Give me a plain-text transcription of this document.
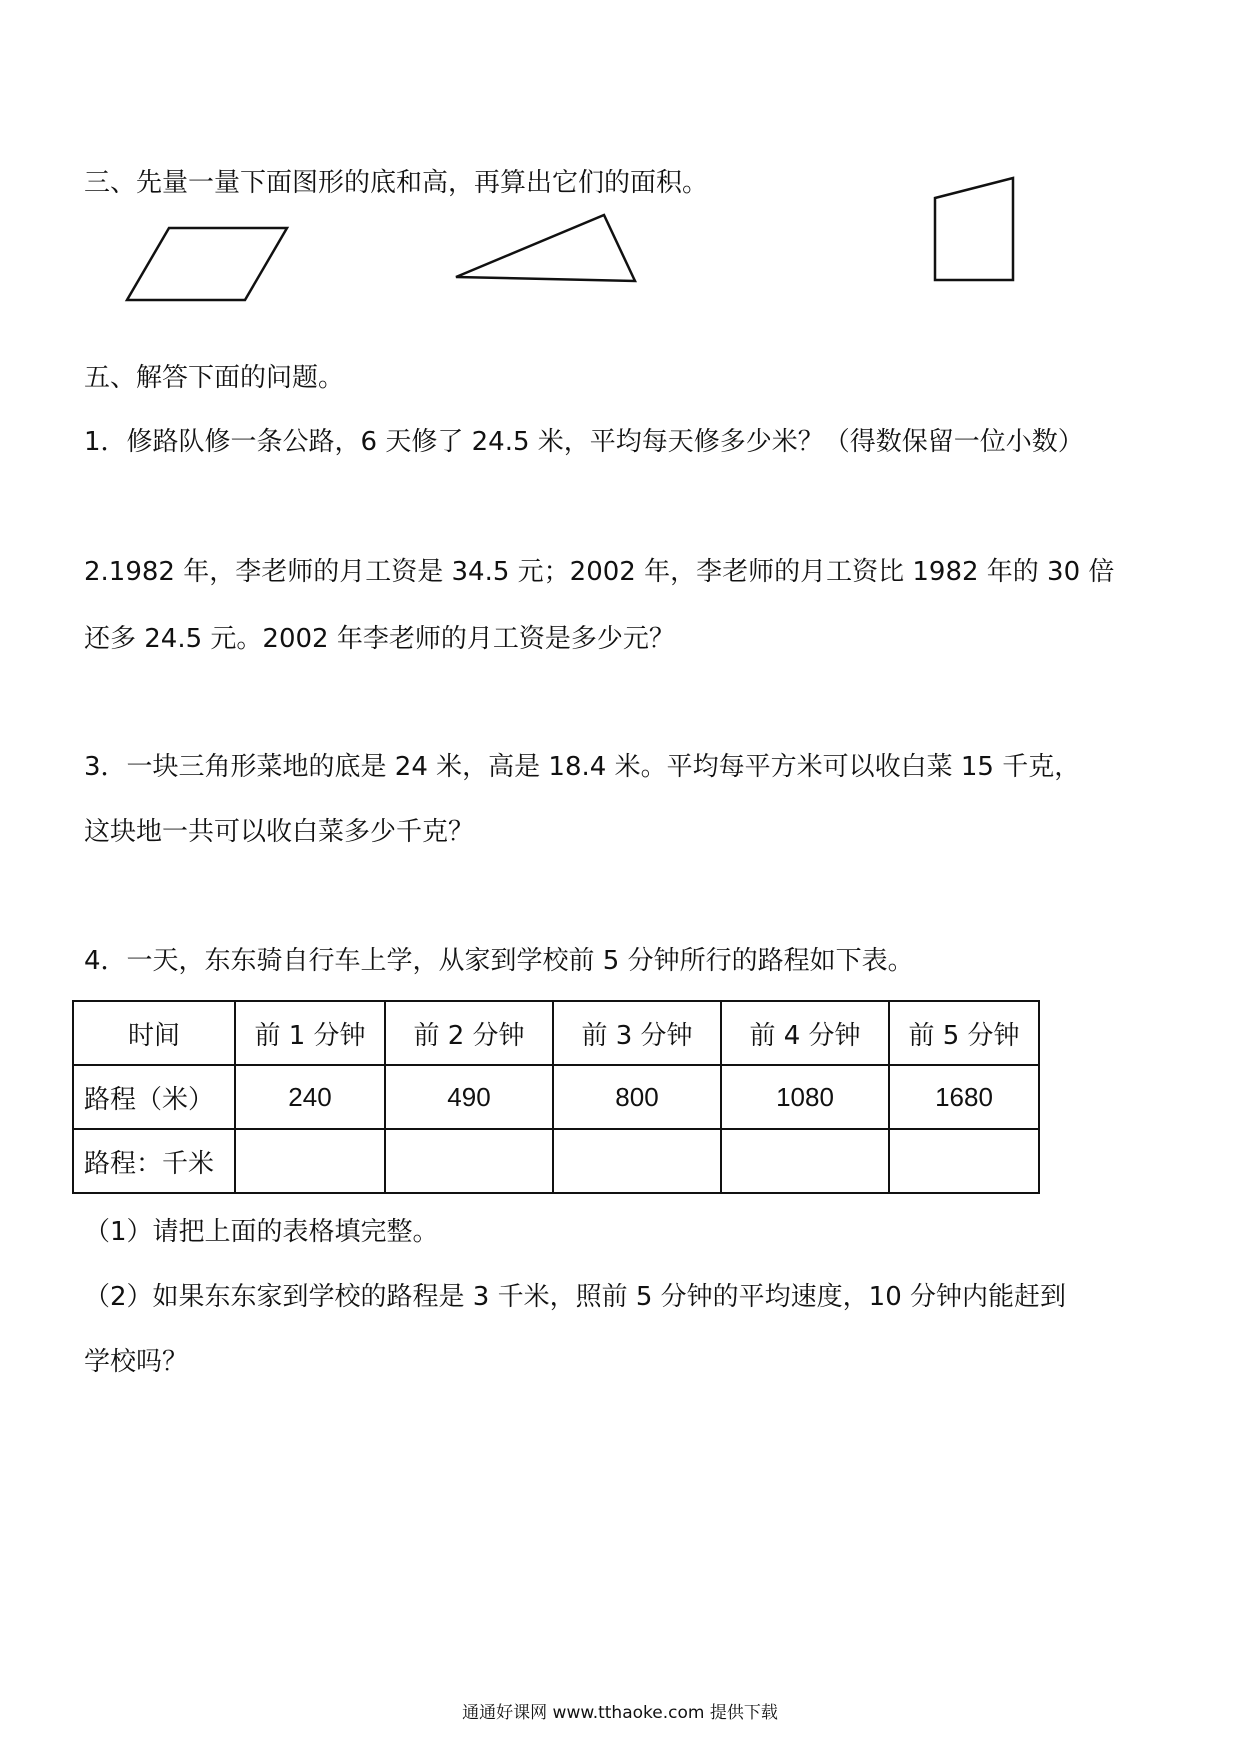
三、先量一量下面图形的底和高，再算出它们的面积。
五、解答下面的问题。
1．修路队修一条公路，6 天修了 24.5 米，平均每天修多少米？（得数保留一位小数）
2.1982 年，李老师的月工资是 34.5 元；2002 年，李老师的月工资比 1982 年的 30 倍
还多 24.5 元。2002 年李老师的月工资是多少元？
3．一块三角形菜地的底是 24 米，高是 18.4 米。平均每平方米可以收白菜 15 千克，
这块地一共可以收白菜多少千克？
4．一天，东东骑自行车上学，从家到学校前 5 分钟所行的路程如下表。
时间	前 1 分钟	前 2 分钟	前 3 分钟	前 4 分钟	前 5 分钟
路程（米）	240	490	800	1080	1680
路程：千米					
（1）请把上面的表格填完整。
（2）如果东东家到学校的路程是 3 千米，照前 5 分钟的平均速度，10 分钟内能赶到
学校吗？
通通好课网 www.tthaoke.com 提供下载
